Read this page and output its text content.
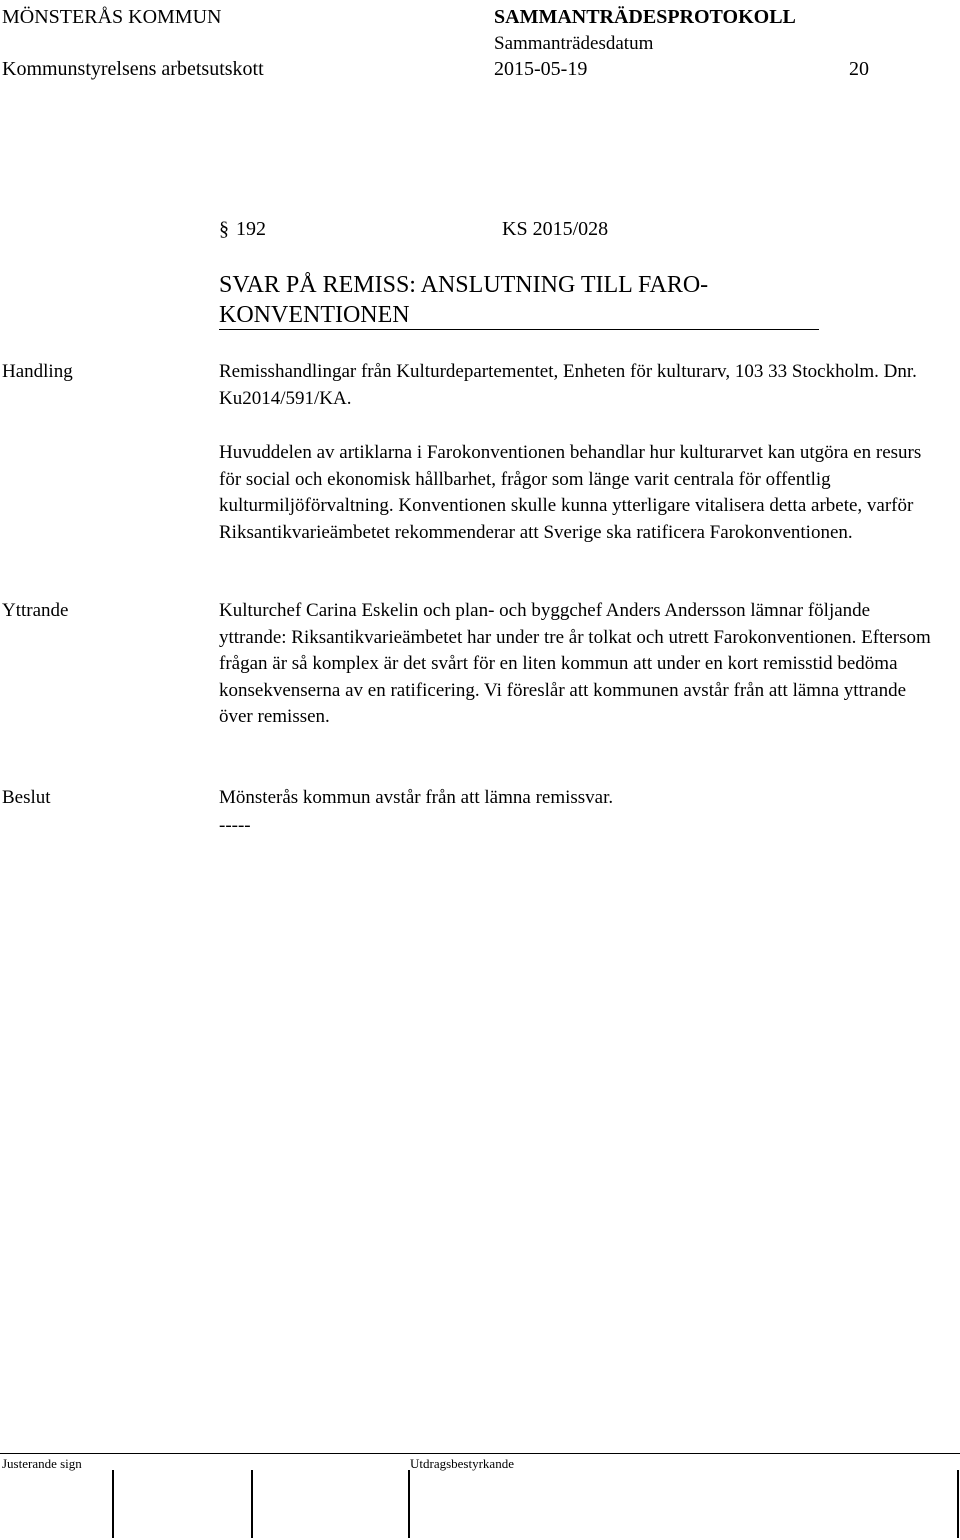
MÖNSTERÅS KOMMUN	SAMMANTRÄDESPROTOKOLL
Sammanträdesdatum
Kommunstyrelsens arbetsutskott	2015-05-19	20
§ 192	KS 2015/028
SVAR PÅ REMISS: ANSLUTNING TILL FARO-
KONVENTIONEN
Handling	Remisshandlingar från Kulturdepartementet, Enheten för kulturarv, 103 33 Stockholm. Dnr. Ku2014/591/KA.
Huvuddelen av artiklarna i Farokonventionen behandlar hur kulturarvet kan utgöra en resurs för social och ekonomisk hållbarhet, frågor som länge varit centrala för offentlig kulturmiljöförvaltning. Konventionen skulle kunna ytterligare vitalisera detta arbete, varför Riksantikvarieämbetet rekommenderar att Sverige ska ratificera Farokonventionen.
Yttrande	Kulturchef Carina Eskelin och plan- och byggchef Anders Andersson lämnar följande yttrande: Riksantikvarieämbetet har under tre år tolkat och utrett Farokonventionen. Eftersom frågan är så komplex är det svårt för en liten kommun att under en kort remisstid bedöma konsekvenserna av en ratificering. Vi föreslår att kommunen avstår från att lämna yttrande över remissen.
Beslut	Mönsterås kommun avstår från att lämna remissvar.
-----
Justerande sign	Utdragsbestyrkande
